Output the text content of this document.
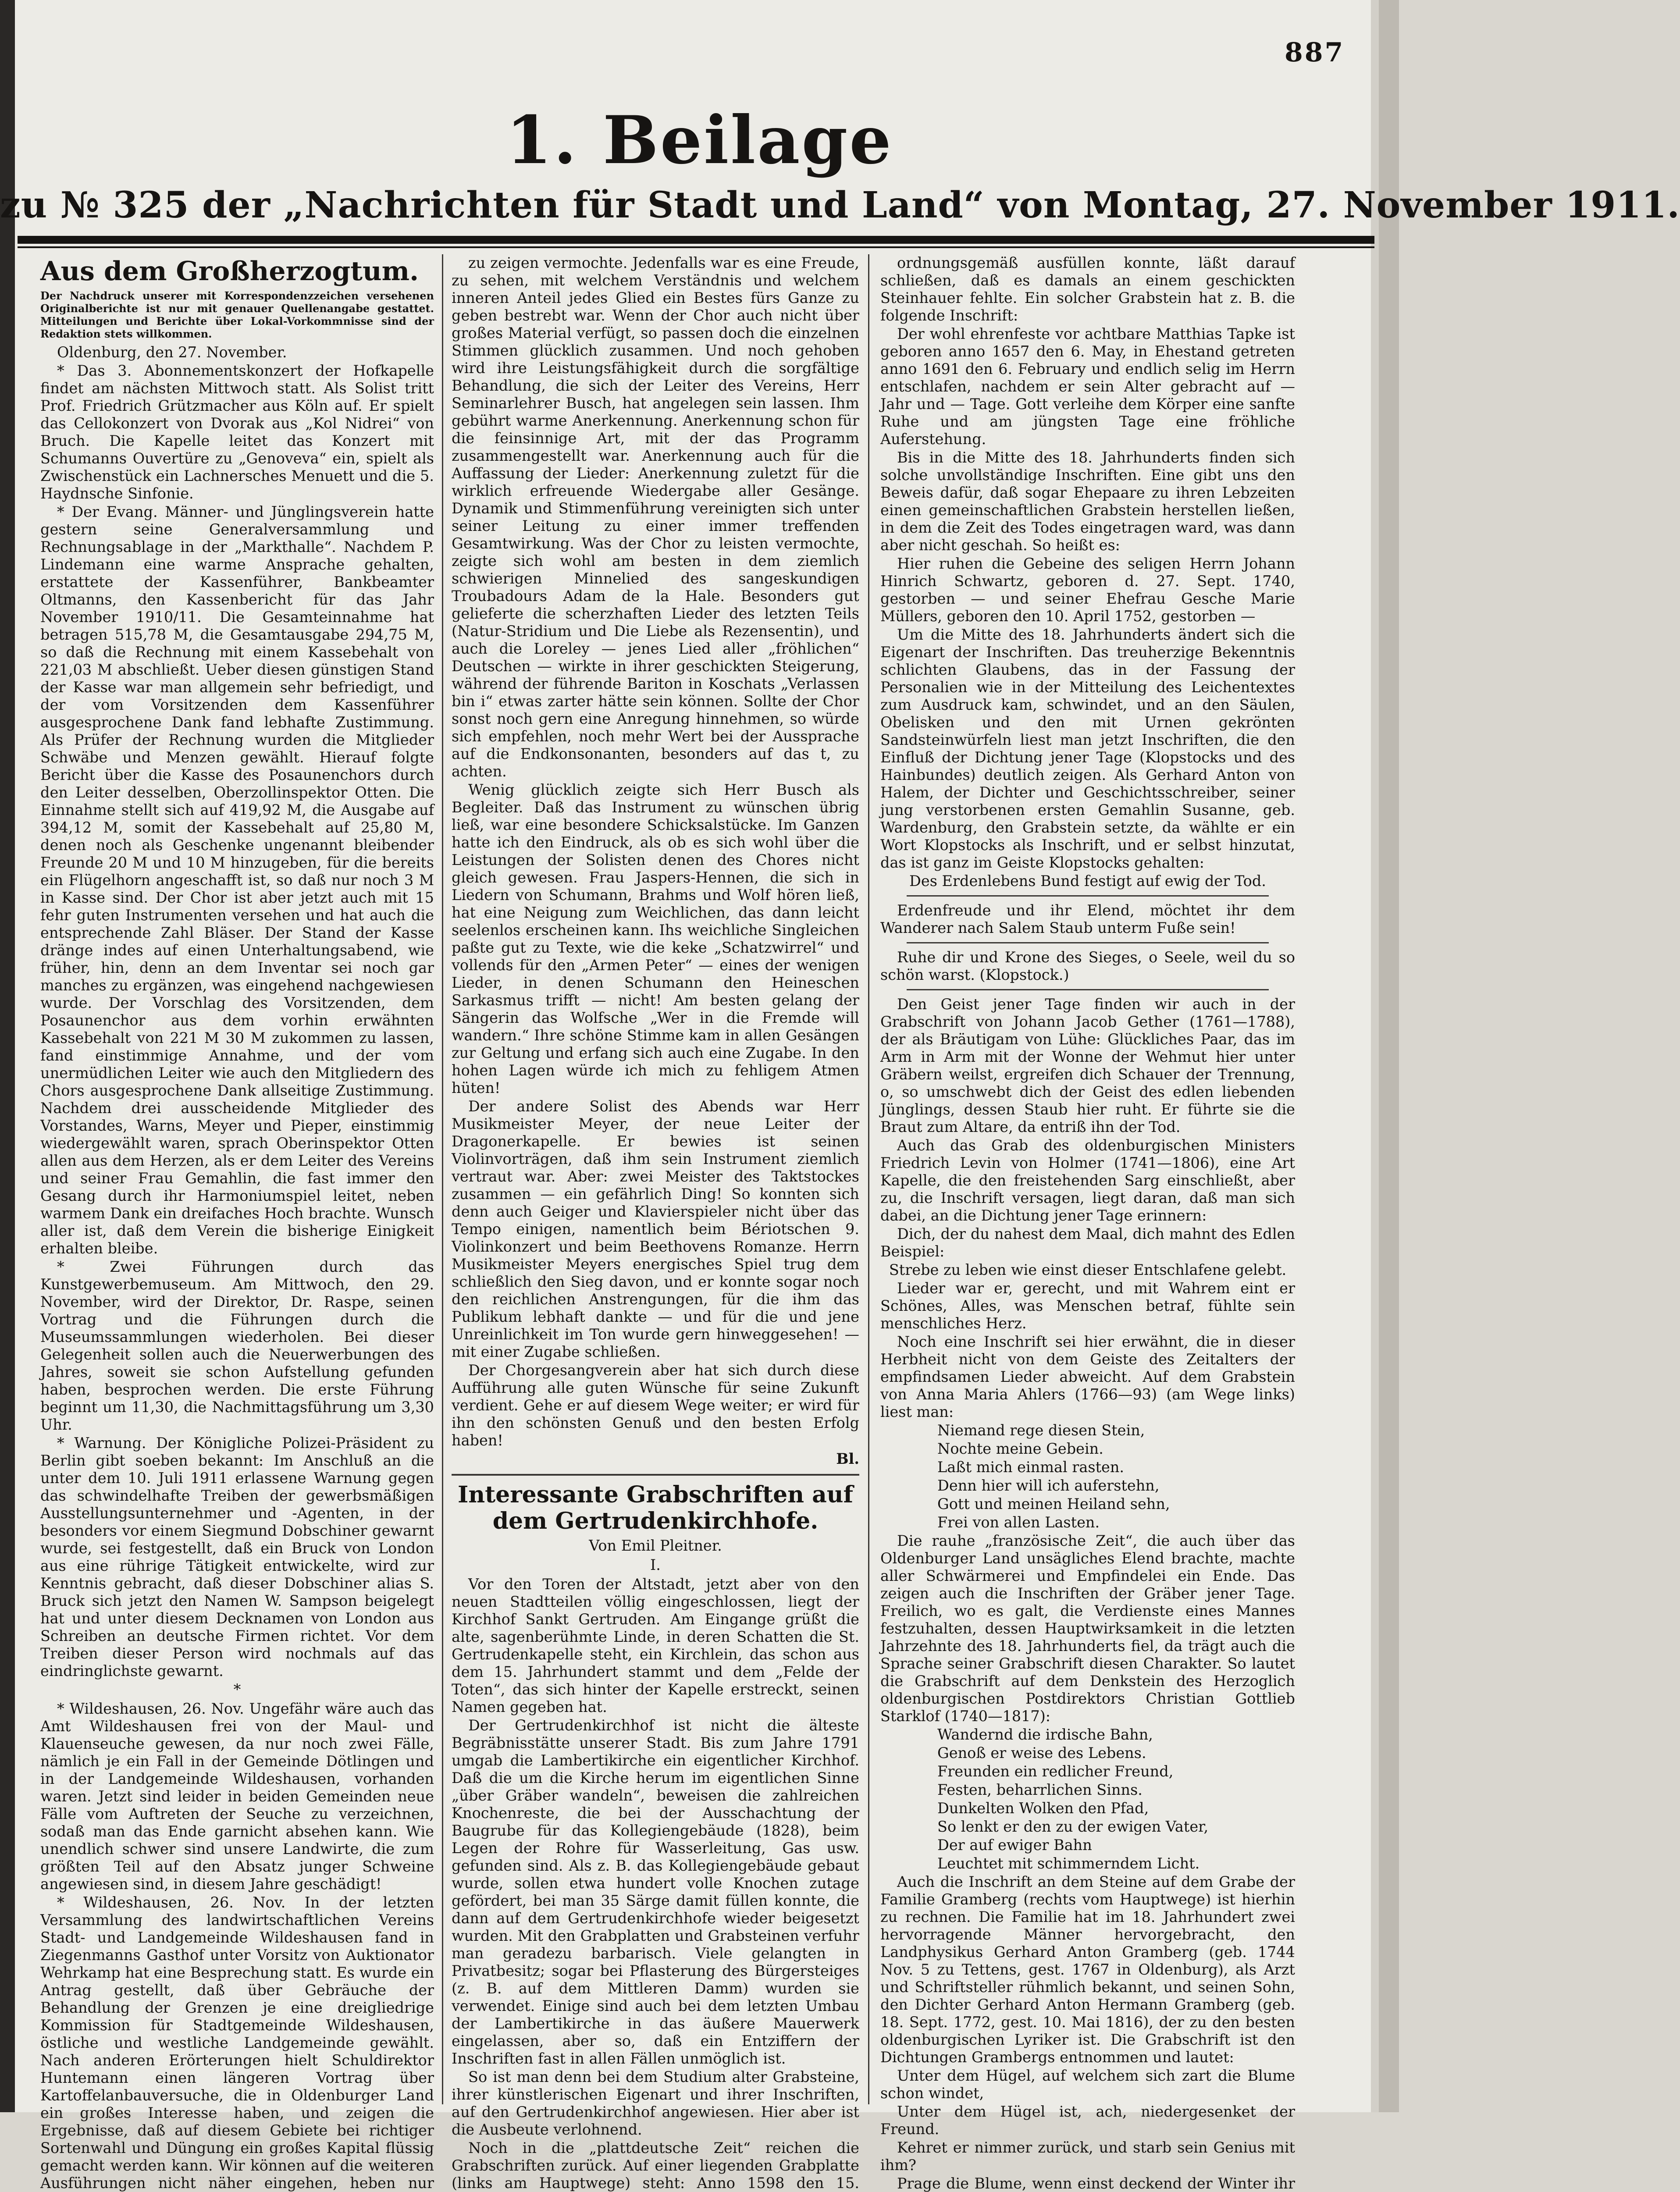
887
1. Beilage
zu № 325 der „Nachrichten für Stadt und Land“ von Montag, 27. November 1911.
Aus dem Großherzogtum.

Der Nachdruck unserer mit Korrespondenzzeichen versehenen Originalberichte ist nur mit genauer Quellenangabe gestattet. Mitteilungen und Berichte über Lokal-Vorkommnisse sind der Redaktion stets willkommen.

Oldenburg, den 27. November.

* Das 3. Abonnementskonzert der Hofkapelle findet am nächsten Mittwoch statt. Als Solist tritt Prof. Friedrich Grützmacher aus Köln auf. Er spielt das Cellokonzert von Dvorak aus „Kol Nidrei“ von Bruch. Die Kapelle leitet das Konzert mit Schumanns Ouvertüre zu „Genoveva“ ein, spielt als Zwischenstück ein Lachnersches Menuett und die 5. Haydnsche Sinfonie.

* Der Evang. Männer- und Jünglingsverein hatte gestern seine Generalversammlung und Rechnungsablage in der „Markthalle“. Nachdem P. Lindemann eine warme Ansprache gehalten, erstattete der Kassenführer, Bankbeamter Oltmanns, den Kassenbericht für das Jahr November 1910/11. Die Gesamteinnahme hat betragen 515,78 M, die Gesamtausgabe 294,75 M, so daß die Rechnung mit einem Kassebehalt von 221,03 M abschließt. Ueber diesen günstigen Stand der Kasse war man allgemein sehr befriedigt, und der vom Vorsitzenden dem Kassenführer ausgesprochene Dank fand lebhafte Zustimmung. Als Prüfer der Rechnung wurden die Mitglieder Schwäbe und Menzen gewählt. Hierauf folgte Bericht über die Kasse des Posaunenchors durch den Leiter desselben, Oberzollinspektor Otten. Die Einnahme stellt sich auf 419,92 M, die Ausgabe auf 394,12 M, somit der Kassebehalt auf 25,80 M, denen noch als Geschenke ungenannt bleibender Freunde 20 M und 10 M hinzugeben, für die bereits ein Flügelhorn angeschafft ist, so daß nur noch 3 M in Kasse sind. Der Chor ist aber jetzt auch mit 15 fehr guten Instrumenten versehen und hat auch die entsprechende Zahl Bläser. Der Stand der Kasse dränge indes auf einen Unterhaltungsabend, wie früher, hin, denn an dem Inventar sei noch gar manches zu ergänzen, was eingehend nachgewiesen wurde. Der Vorschlag des Vorsitzenden, dem Posaunenchor aus dem vorhin erwähnten Kassebehalt von 221 M 30 M zukommen zu lassen, fand einstimmige Annahme, und der vom unermüdlichen Leiter wie auch den Mitgliedern des Chors ausgesprochene Dank allseitige Zustimmung. Nachdem drei ausscheidende Mitglieder des Vorstandes, Warns, Meyer und Pieper, einstimmig wiedergewählt waren, sprach Oberinspektor Otten allen aus dem Herzen, als er dem Leiter des Vereins und seiner Frau Gemahlin, die fast immer den Gesang durch ihr Harmoniumspiel leitet, neben warmem Dank ein dreifaches Hoch brachte. Wunsch aller ist, daß dem Verein die bisherige Einigkeit erhalten bleibe.

* Zwei Führungen durch das Kunstgewerbemuseum. Am Mittwoch, den 29. November, wird der Direktor, Dr. Raspe, seinen Vortrag und die Führungen durch die Museumssammlungen wiederholen. Bei dieser Gelegenheit sollen auch die Neuerwerbungen des Jahres, soweit sie schon Aufstellung gefunden haben, besprochen werden. Die erste Führung beginnt um 11,30, die Nachmittagsführung um 3,30 Uhr.

* Warnung. Der Königliche Polizei-Präsident zu Berlin gibt soeben bekannt: Im Anschluß an die unter dem 10. Juli 1911 erlassene Warnung gegen das schwindelhafte Treiben der gewerbsmäßigen Ausstellungsunternehmer und -Agenten, in der besonders vor einem Siegmund Dobschiner gewarnt wurde, sei festgestellt, daß ein Bruck von London aus eine rührige Tätigkeit entwickelte, wird zur Kenntnis gebracht, daß dieser Dobschiner alias S. Bruck sich jetzt den Namen W. Sampson beigelegt hat und unter diesem Decknamen von London aus Schreiben an deutsche Firmen richtet. Vor dem Treiben dieser Person wird nochmals auf das eindringlichste gewarnt.

*

* Wildeshausen, 26. Nov. Ungefähr wäre auch das Amt Wildeshausen frei von der Maul- und Klauenseuche gewesen, da nur noch zwei Fälle, nämlich je ein Fall in der Gemeinde Dötlingen und in der Landgemeinde Wildeshausen, vorhanden waren. Jetzt sind leider in beiden Gemeinden neue Fälle vom Auftreten der Seuche zu verzeichnen, sodaß man das Ende garnicht absehen kann. Wie unendlich schwer sind unsere Landwirte, die zum größten Teil auf den Absatz junger Schweine angewiesen sind, in diesem Jahre geschädigt!

* Wildeshausen, 26. Nov. In der letzten Versammlung des landwirtschaftlichen Vereins Stadt- und Landgemeinde Wildeshausen fand in Ziegenmanns Gasthof unter Vorsitz von Auktionator Wehrkamp hat eine Besprechung statt. Es wurde ein Antrag gestellt, daß über Gebräuche der Behandlung der Grenzen je eine dreigliedrige Kommission für Stadtgemeinde Wildeshausen, östliche und westliche Landgemeinde gewählt. Nach anderen Erörterungen hielt Schuldirektor Huntemann einen längeren Vortrag über Kartoffelanbauversuche, die in Oldenburger Land ein großes Interesse haben, und zeigen die Ergebnisse, daß auf diesem Gebiete bei richtiger Sortenwahl und Düngung ein großes Kapital flüssig gemacht werden kann. Wir können auf die weiteren Ausführungen nicht näher eingehen, heben nur

zu zeigen vermochte. Jedenfalls war es eine Freude, zu sehen, mit welchem Verständnis und welchem inneren Anteil jedes Glied ein Bestes fürs Ganze zu geben bestrebt war. Wenn der Chor auch nicht über großes Material verfügt, so passen doch die einzelnen Stimmen glücklich zusammen. Und noch gehoben wird ihre Leistungsfähigkeit durch die sorgfältige Behandlung, die sich der Leiter des Vereins, Herr Seminarlehrer Busch, hat angelegen sein lassen. Ihm gebührt warme Anerkennung. Anerkennung schon für die feinsinnige Art, mit der das Programm zusammengestellt war. Anerkennung auch für die Auffassung der Lieder: Anerkennung zuletzt für die wirklich erfreuende Wiedergabe aller Gesänge. Dynamik und Stimmenführung vereinigten sich unter seiner Leitung zu einer immer treffenden Gesamtwirkung. Was der Chor zu leisten vermochte, zeigte sich wohl am besten in dem ziemlich schwierigen Minnelied des sangeskundigen Troubadours Adam de la Hale. Besonders gut gelieferte die scherzhaften Lieder des letzten Teils (Natur-Stridium und Die Liebe als Rezensentin), und auch die Loreley — jenes Lied aller „fröhlichen“ Deutschen — wirkte in ihrer geschickten Steigerung, während der führende Bariton in Koschats „Verlassen bin i“ etwas zarter hätte sein können. Sollte der Chor sonst noch gern eine Anregung hinnehmen, so würde sich empfehlen, noch mehr Wert bei der Aussprache auf die Endkonsonanten, besonders auf das t, zu achten.

Wenig glücklich zeigte sich Herr Busch als Begleiter. Daß das Instrument zu wünschen übrig ließ, war eine besondere Schicksalstücke. Im Ganzen hatte ich den Eindruck, als ob es sich wohl über die Leistungen der Solisten denen des Chores nicht gleich gewesen. Frau Jaspers-Hennen, die sich in Liedern von Schumann, Brahms und Wolf hören ließ, hat eine Neigung zum Weichlichen, das dann leicht seelenlos erscheinen kann. Ihs weichliche Singleichen paßte gut zu Texte, wie die keke „Schatzwirrel“ und vollends für den „Armen Peter“ — eines der wenigen Lieder, in denen Schumann den Heineschen Sarkasmus trifft — nicht! Am besten gelang der Sängerin das Wolfsche „Wer in die Fremde will wandern.“ Ihre schöne Stimme kam in allen Gesängen zur Geltung und erfang sich auch eine Zugabe. In den hohen Lagen würde ich mich zu fehligem Atmen hüten!

Der andere Solist des Abends war Herr Musikmeister Meyer, der neue Leiter der Dragonerkapelle. Er bewies ist seinen Violinvorträgen, daß ihm sein Instrument ziemlich vertraut war. Aber: zwei Meister des Taktstockes zusammen — ein gefährlich Ding! So konnten sich denn auch Geiger und Klavierspieler nicht über das Tempo einigen, namentlich beim Bériotschen 9. Violinkonzert und beim Beethovens Romanze. Herrn Musikmeister Meyers energisches Spiel trug dem schließlich den Sieg davon, und er konnte sogar noch den reichlichen Anstrengungen, für die ihm das Publikum lebhaft dankte — und für die und jene Unreinlichkeit im Ton wurde gern hinweggesehen! — mit einer Zugabe schließen.

Der Chorgesangverein aber hat sich durch diese Aufführung alle guten Wünsche für seine Zukunft verdient. Gehe er auf diesem Wege weiter; er wird für ihn den schönsten Genuß und den besten Erfolg haben!

Bl.

Interessante Grabschriften auf dem Gertrudenkirchhofe.

Von Emil Pleitner.

I.

Vor den Toren der Altstadt, jetzt aber von den neuen Stadtteilen völlig eingeschlossen, liegt der Kirchhof Sankt Gertruden. Am Eingange grüßt die alte, sagenberühmte Linde, in deren Schatten die St. Gertrudenkapelle steht, ein Kirchlein, das schon aus dem 15. Jahrhundert stammt und dem „Felde der Toten“, das sich hinter der Kapelle erstreckt, seinen Namen gegeben hat.

Der Gertrudenkirchhof ist nicht die älteste Begräbnisstätte unserer Stadt. Bis zum Jahre 1791 umgab die Lambertikirche ein eigentlicher Kirchhof. Daß die um die Kirche herum im eigentlichen Sinne „über Gräber wandeln“, beweisen die zahlreichen Knochenreste, die bei der Ausschachtung der Baugrube für das Kollegiengebäude (1828), beim Legen der Rohre für Wasserleitung, Gas usw. gefunden sind. Als z. B. das Kollegiengebäude gebaut wurde, sollen etwa hundert volle Knochen zutage gefördert, bei man 35 Särge damit füllen konnte, die dann auf dem Gertrudenkirchhofe wieder beigesetzt wurden. Mit den Grabplatten und Grabsteinen verfuhr man geradezu barbarisch. Viele gelangten in Privatbesitz; sogar bei Pflasterung des Bürgersteiges (z. B. auf dem Mittleren Damm) wurden sie verwendet. Einige sind auch bei dem letzten Umbau der Lambertikirche in das äußere Mauerwerk eingelassen, aber so, daß ein Entziffern der Inschriften fast in allen Fällen unmöglich ist.

So ist man denn bei dem Studium alter Grabsteine, ihrer künstlerischen Eigenart und ihrer Inschriften, auf den Gertrudenkirchhof angewiesen. Hier aber ist die Ausbeute verlohnend.

Noch in die „plattdeutsche Zeit“ reichen die Grabschriften zurück. Auf einer liegenden Grabplatte (links am Hauptwege) steht: Anno 1598 den 15.

ordnungsgemäß ausfüllen konnte, läßt darauf schließen, daß es damals an einem geschickten Steinhauer fehlte. Ein solcher Grabstein hat z. B. die folgende Inschrift:

Der wohl ehrenfeste vor achtbare Matthias Tapke ist geboren anno 1657 den 6. May, in Ehestand getreten anno 1691 den 6. February und endlich selig im Herrn entschlafen, nachdem er sein Alter gebracht auf — Jahr und — Tage. Gott verleihe dem Körper eine sanfte Ruhe und am jüngsten Tage eine fröhliche Auferstehung.

Bis in die Mitte des 18. Jahrhunderts finden sich solche unvollständige Inschriften. Eine gibt uns den Beweis dafür, daß sogar Ehepaare zu ihren Lebzeiten einen gemeinschaftlichen Grabstein herstellen ließen, in dem die Zeit des Todes eingetragen ward, was dann aber nicht geschah. So heißt es:

Hier ruhen die Gebeine des seligen Herrn Johann Hinrich Schwartz, geboren d. 27. Sept. 1740, gestorben — und seiner Ehefrau Gesche Marie Müllers, geboren den 10. April 1752, gestorben —

Um die Mitte des 18. Jahrhunderts ändert sich die Eigenart der Inschriften. Das treuherzige Bekenntnis schlichten Glaubens, das in der Fassung der Personalien wie in der Mitteilung des Leichentextes zum Ausdruck kam, schwindet, und an den Säulen, Obelisken und den mit Urnen gekrönten Sandsteinwürfeln liest man jetzt Inschriften, die den Einfluß der Dichtung jener Tage (Klopstocks und des Hainbundes) deutlich zeigen. Als Gerhard Anton von Halem, der Dichter und Geschichtsschreiber, seiner jung verstorbenen ersten Gemahlin Susanne, geb. Wardenburg, den Grabstein setzte, da wählte er ein Wort Klopstocks als Inschrift, und er selbst hinzutat, das ist ganz im Geiste Klopstocks gehalten:

Des Erdenlebens Bund festigt auf ewig der Tod.

Erdenfreude und ihr Elend, möchtet ihr dem Wanderer nach Salem Staub unterm Fuße sein!

Ruhe dir und Krone des Sieges, o Seele, weil du so schön warst. (Klopstock.)

Den Geist jener Tage finden wir auch in der Grabschrift von Johann Jacob Gether (1761—1788), der als Bräutigam von Lühe: Glückliches Paar, das im Arm in Arm mit der Wonne der Wehmut hier unter Gräbern weilst, ergreifen dich Schauer der Trennung, o, so umschwebt dich der Geist des edlen liebenden Jünglings, dessen Staub hier ruht. Er führte sie die Braut zum Altare, da entriß ihn der Tod.

Auch das Grab des oldenburgischen Ministers Friedrich Levin von Holmer (1741—1806), eine Art Kapelle, die den freistehenden Sarg einschließt, aber zu, die Inschrift versagen, liegt daran, daß man sich dabei, an die Dichtung jener Tage erinnern:

Dich, der du nahest dem Maal, dich mahnt des Edlen Beispiel:

Strebe zu leben wie einst dieser Entschlafene gelebt.

Lieder war er, gerecht, und mit Wahrem eint er Schönes, Alles, was Menschen betraf, fühlte sein menschliches Herz.

Noch eine Inschrift sei hier erwähnt, die in dieser Herbheit nicht von dem Geiste des Zeitalters der empfindsamen Lieder abweicht. Auf dem Grabstein von Anna Maria Ahlers (1766—93) (am Wege links) liest man:

Niemand rege diesen Stein,

Nochte meine Gebein.

Laßt mich einmal rasten.

Denn hier will ich auferstehn,

Gott und meinen Heiland sehn,

Frei von allen Lasten.

Die rauhe „französische Zeit“, die auch über das Oldenburger Land unsägliches Elend brachte, machte aller Schwärmerei und Empfindelei ein Ende. Das zeigen auch die Inschriften der Gräber jener Tage. Freilich, wo es galt, die Verdienste eines Mannes festzuhalten, dessen Hauptwirksamkeit in die letzten Jahrzehnte des 18. Jahrhunderts fiel, da trägt auch die Sprache seiner Grabschrift diesen Charakter. So lautet die Grabschrift auf dem Denkstein des Herzoglich oldenburgischen Postdirektors Christian Gottlieb Starklof (1740—1817):

Wandernd die irdische Bahn,

Genoß er weise des Lebens.

Freunden ein redlicher Freund,

Festen, beharrlichen Sinns.

Dunkelten Wolken den Pfad,

So lenkt er den zu der ewigen Vater,

Der auf ewiger Bahn

Leuchtet mit schimmerndem Licht.

Auch die Inschrift an dem Steine auf dem Grabe der Familie Gramberg (rechts vom Hauptwege) ist hierhin zu rechnen. Die Familie hat im 18. Jahrhundert zwei hervorragende Männer hervorgebracht, den Landphysikus Gerhard Anton Gramberg (geb. 1744 Nov. 5 zu Tettens, gest. 1767 in Oldenburg), als Arzt und Schriftsteller rühmlich bekannt, und seinen Sohn, den Dichter Gerhard Anton Hermann Gramberg (geb. 18. Sept. 1772, gest. 10. Mai 1816), der zu den besten oldenburgischen Lyriker ist. Die Grabschrift ist den Dichtungen Grambergs entnommen und lautet:

Unter dem Hügel, auf welchem sich zart die Blume schon windet,

Unter dem Hügel ist, ach, niedergesenket der Freund.

Kehret er nimmer zurück, und starb sein Genius mit ihm?

Prage die Blume, wenn einst deckend der Winter ihr
